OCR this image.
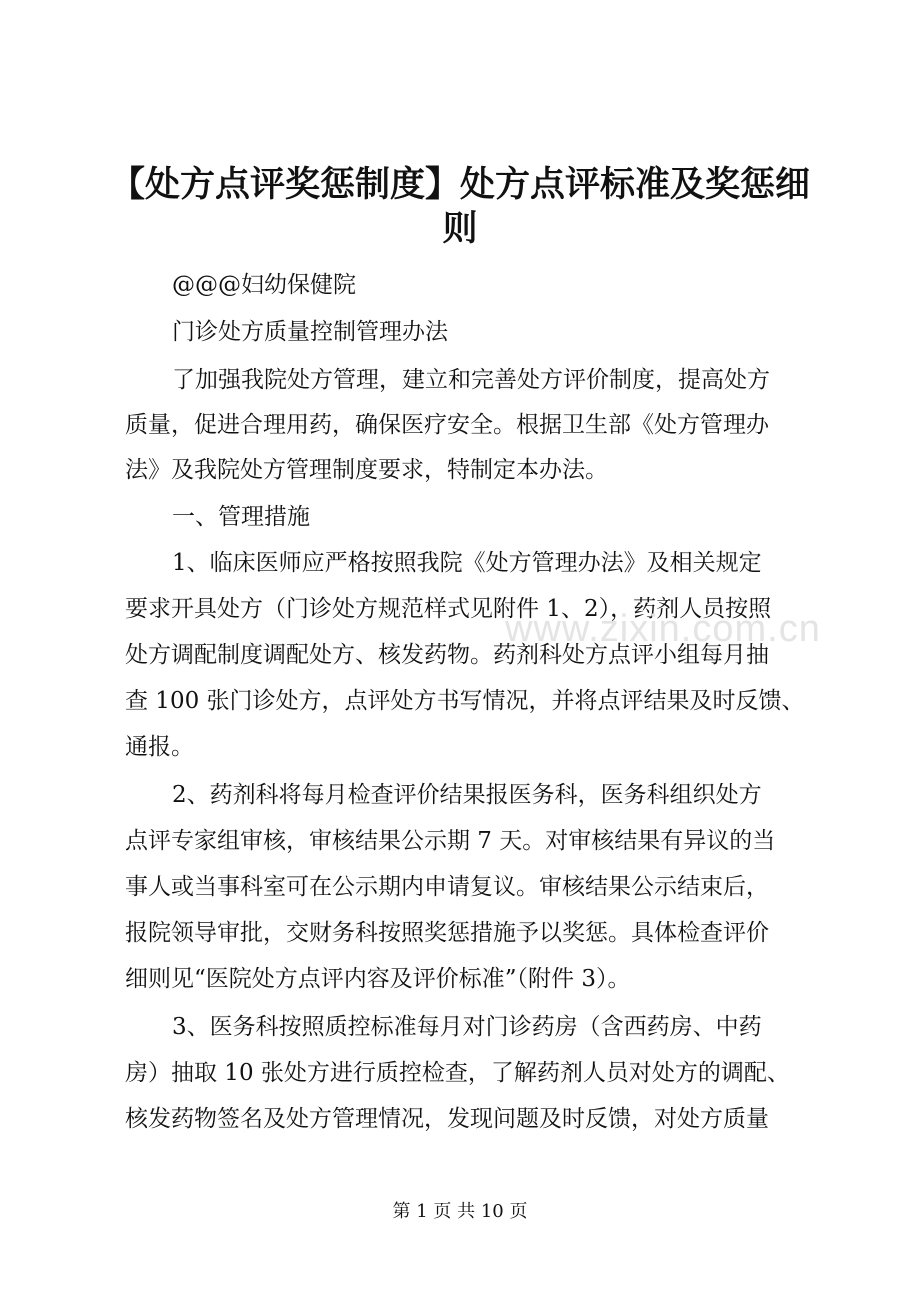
【处方点评奖惩制度】处方点评标准及奖惩细
则

@@@妇幼保健院

门诊处方质量控制管理办法

了加强我院处方管理，建立和完善处方评价制度，提高处方

质量，促进合理用药，确保医疗安全。根据卫生部《处方管理办

法》及我院处方管理制度要求，特制定本办法。

一、管理措施

1、临床医师应严格按照我院《处方管理办法》及相关规定

要求开具处方（门诊处方规范样式见附件 1、2），药剂人员按照

处方调配制度调配处方、核发药物。药剂科处方点评小组每月抽

查 100 张门诊处方，点评处方书写情况，并将点评结果及时反馈、

通报。

2、药剂科将每月检查评价结果报医务科，医务科组织处方

点评专家组审核，审核结果公示期 7 天。对审核结果有异议的当

事人或当事科室可在公示期内申请复议。审核结果公示结束后，

报院领导审批，交财务科按照奖惩措施予以奖惩。具体检查评价

细则见“医院处方点评内容及评价标准”（附件 3）。

3、医务科按照质控标准每月对门诊药房（含西药房、中药

房）抽取 10 张处方进行质控检查，了解药剂人员对处方的调配、

核发药物签名及处方管理情况，发现问题及时反馈，对处方质量

www.zixin.com.cn
第 1 页 共 10 页
